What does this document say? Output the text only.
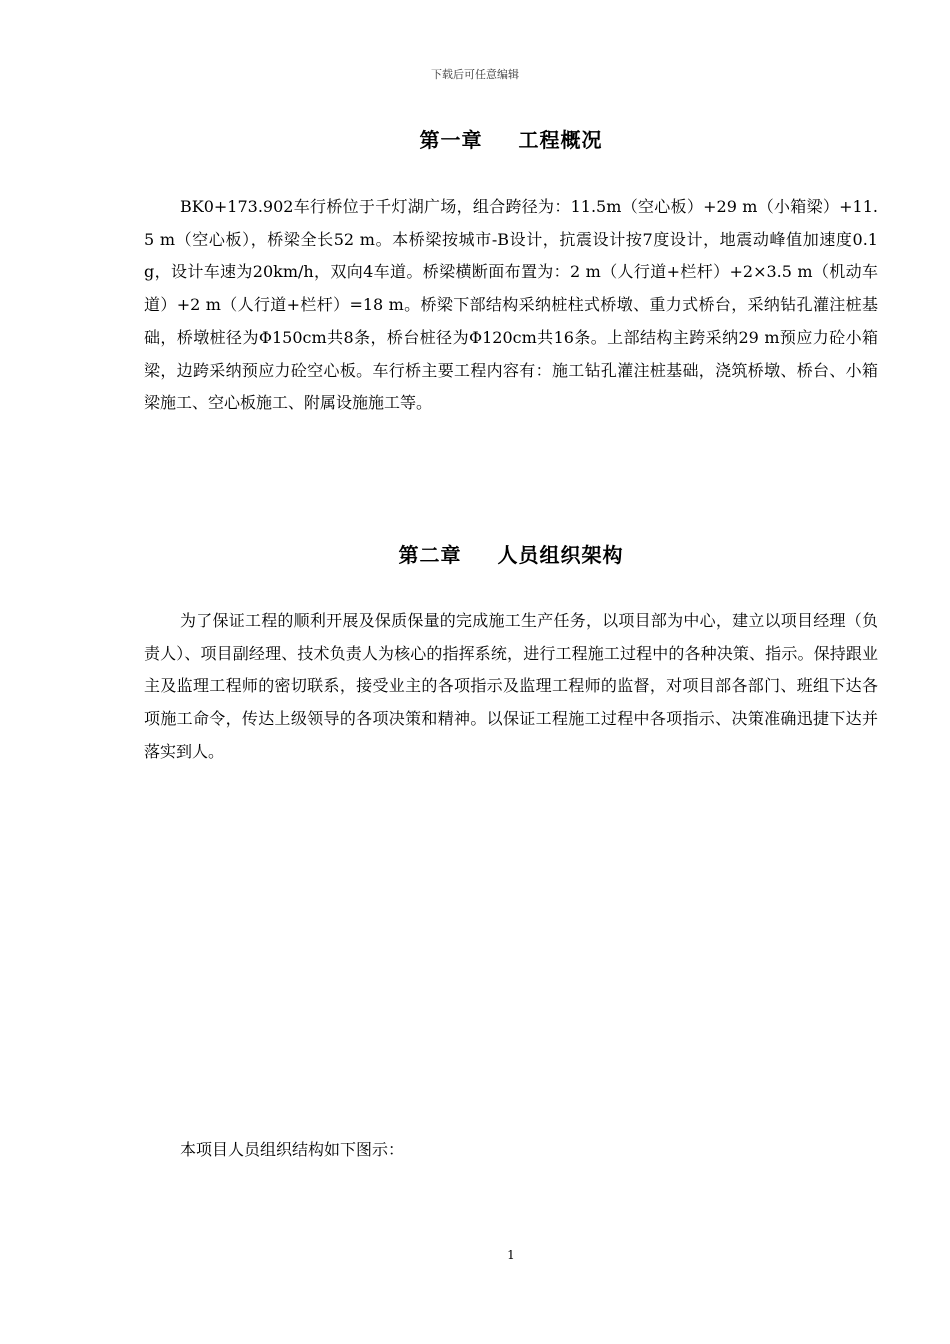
下载后可任意编辑
第一章 工程概况

BK0+173.902车行桥位于千灯湖广场，组合跨径为：11.5m（空心板）+29 m（小箱梁）+11.5 m（空心板），桥梁全长52 m。本桥梁按城市-B设计，抗震设计按7度设计，地震动峰值加速度0.1g，设计车速为20km/h，双向4车道。桥梁横断面布置为：2 m（人行道+栏杆）+2×3.5 m（机动车道）+2 m（人行道+栏杆）=18 m。桥梁下部结构采纳桩柱式桥墩、重力式桥台，采纳钻孔灌注桩基础，桥墩桩径为Φ150cm共8条，桥台桩径为Φ120cm共16条。上部结构主跨采纳29 m预应力砼小箱梁，边跨采纳预应力砼空心板。车行桥主要工程内容有：施工钻孔灌注桩基础，浇筑桥墩、桥台、小箱梁施工、空心板施工、附属设施施工等。

第二章 人员组织架构

为了保证工程的顺利开展及保质保量的完成施工生产任务，以项目部为中心，建立以项目经理（负责人）、项目副经理、技术负责人为核心的指挥系统，进行工程施工过程中的各种决策、指示。保持跟业主及监理工程师的密切联系，接受业主的各项指示及监理工程师的监督，对项目部各部门、班组下达各项施工命令，传达上级领导的各项决策和精神。以保证工程施工过程中各项指示、决策准确迅捷下达并落实到人。

本项目人员组织结构如下图示：

1
